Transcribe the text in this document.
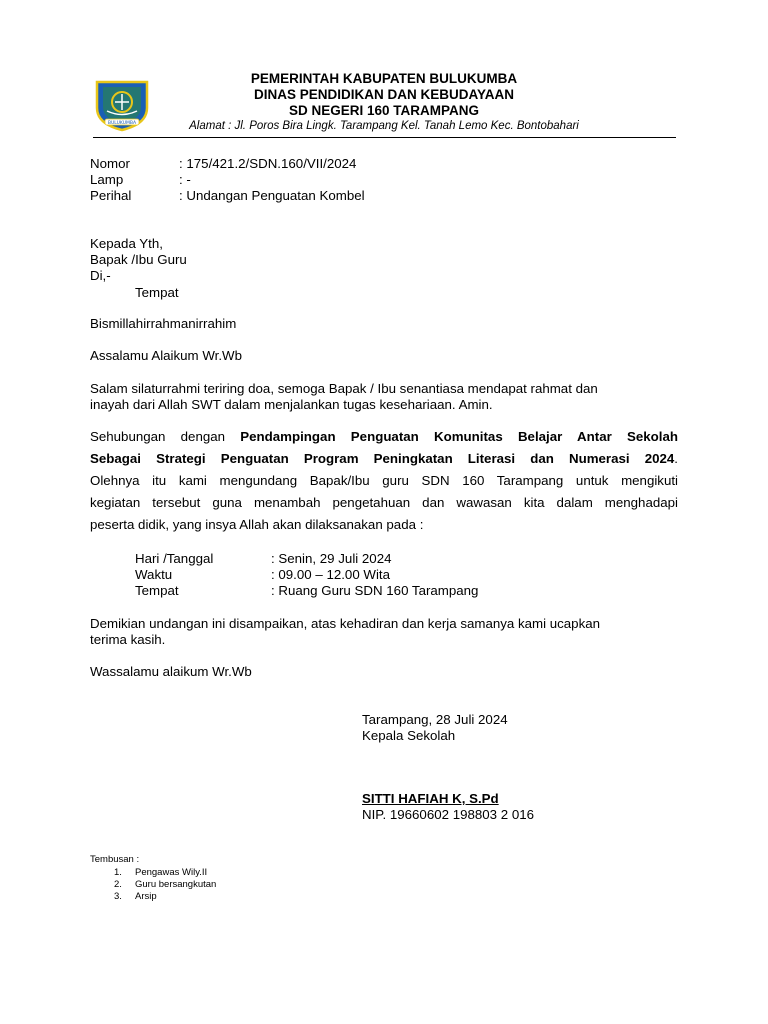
BULUKUMBA
PEMERINTAH KABUPATEN BULUKUMBA
DINAS PENDIDIKAN DAN KEBUDAYAAN
SD NEGERI 160 TARAMPANG
Alamat : Jl. Poros Bira Lingk. Tarampang Kel. Tanah Lemo Kec. Bontobahari
Nomor	: 175/421.2/SDN.160/VII/2024
Lamp	: -
Perihal	: Undangan Penguatan Kombel
Kepada Yth,
Bapak /Ibu Guru
Di,-
Tempat
Bismillahirrahmanirrahim
Assalamu Alaikum Wr.Wb
Salam silaturrahmi teriring doa, semoga Bapak / Ibu senantiasa mendapat rahmat dan
inayah dari Allah SWT dalam menjalankan tugas kesehariaan. Amin.
Sehubungan dengan Pendampingan Penguatan Komunitas Belajar Antar Sekolah
Sebagai Strategi Penguatan Program Peningkatan Literasi dan Numerasi 2024.
Olehnya itu kami mengundang Bapak/Ibu guru SDN 160 Tarampang untuk mengikuti
kegiatan tersebut guna menambah pengetahuan dan wawasan kita dalam menghadapi
peserta didik, yang insya Allah akan dilaksanakan pada :
Hari /Tanggal	: Senin, 29 Juli 2024
Waktu	: 09.00 – 12.00 Wita
Tempat	: Ruang Guru SDN 160 Tarampang
Demikian undangan ini disampaikan, atas kehadiran dan kerja samanya kami ucapkan
terima kasih.
Wassalamu alaikum Wr.Wb
Tarampang, 28 Juli 2024
Kepala Sekolah
SITTI HAFIAH K, S.Pd
NIP. 19660602 198803 2 016
Tembusan :
1. Pengawas Wily.II
2. Guru bersangkutan
3. Arsip
